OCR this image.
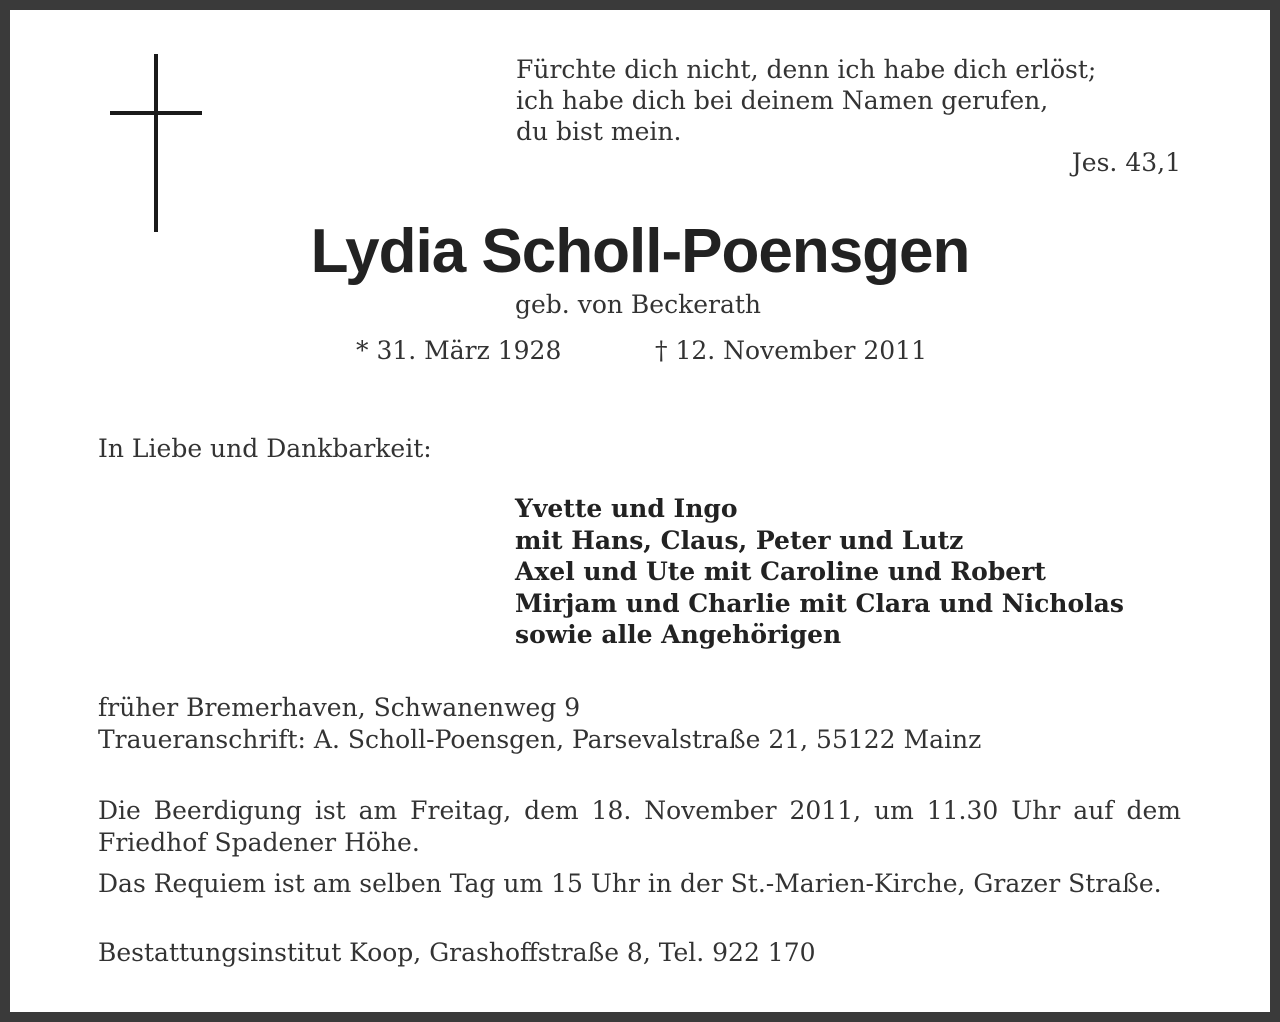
Fürchte dich nicht, denn ich habe dich erlöst;
ich habe dich bei deinem Namen gerufen,
du bist mein.
Jes. 43,1
Lydia Scholl-Poensgen
geb. von Beckerath
* 31. März 1928	† 12. November 2011
In Liebe und Dankbarkeit:
Yvette und Ingo
mit Hans, Claus, Peter und Lutz
Axel und Ute mit Caroline und Robert
Mirjam und Charlie mit Clara und Nicholas
sowie alle Angehörigen
früher Bremerhaven, Schwanenweg 9
Traueranschrift: A. Scholl-Poensgen, Parsevalstraße 21, 55122 Mainz
Die Beerdigung ist am Freitag, dem 18. November 2011, um 11.30 Uhr auf dem Friedhof Spadener Höhe.
Das Requiem ist am selben Tag um 15 Uhr in der St.-Marien-Kirche, Grazer Straße.
Bestattungsinstitut Koop, Grashoffstraße 8, Tel. 922 170
